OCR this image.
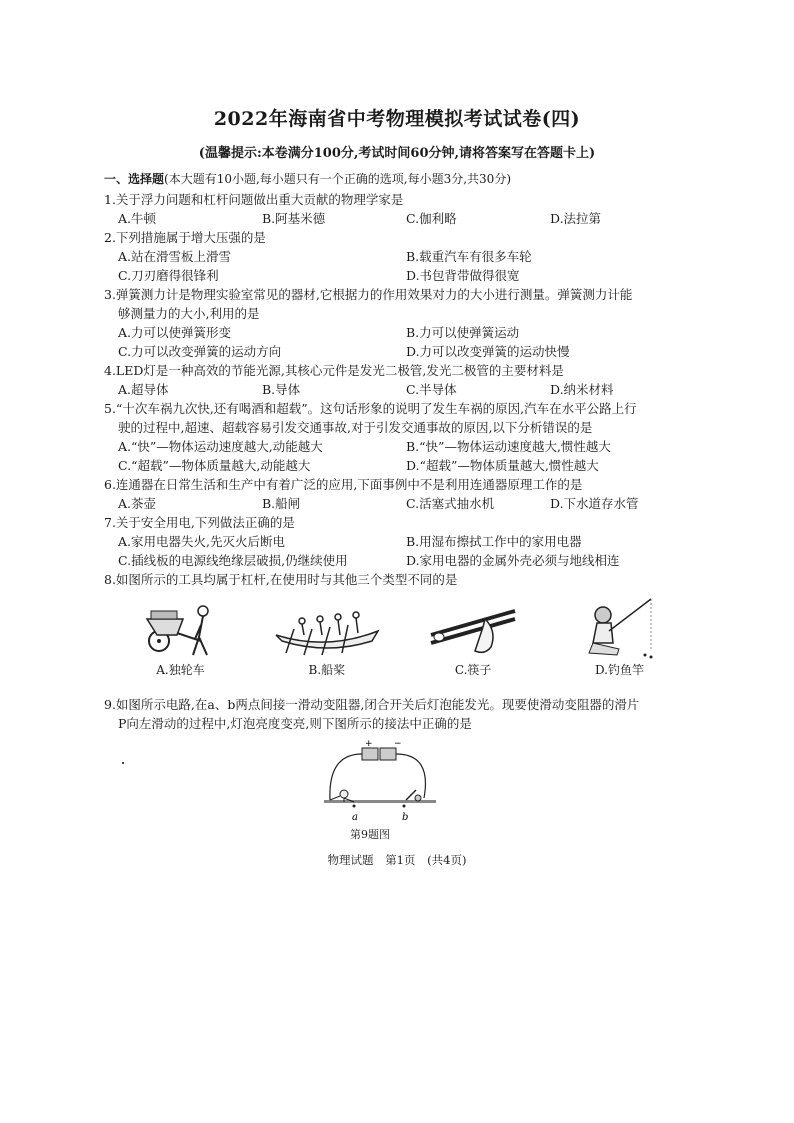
2022年海南省中考物理模拟考试试卷(四)
(温馨提示:本卷满分100分,考试时间60分钟,请将答案写在答题卡上)
一、选择题(本大题有10小题,每小题只有一个正确的选项,每小题3分,共30分)
1.关于浮力问题和杠杆问题做出重大贡献的物理学家是
A.牛顿	B.阿基米德	C.伽利略	D.法拉第
2.下列措施属于增大压强的是
A.站在滑雪板上滑雪	B.载重汽车有很多车轮
C.刀刃磨得很锋利	D.书包背带做得很宽
3.弹簧测力计是物理实验室常见的器材,它根据力的作用效果对力的大小进行测量。弹簧测力计能
够测量力的大小,利用的是
A.力可以使弹簧形变	B.力可以使弹簧运动
C.力可以改变弹簧的运动方向	D.力可以改变弹簧的运动快慢
4.LED灯是一种高效的节能光源,其核心元件是发光二极管,发光二极管的主要材料是
A.超导体	B.导体	C.半导体	D.纳米材料
5.“十次车祸九次快,还有喝酒和超载”。这句话形象的说明了发生车祸的原因,汽车在水平公路上行
驶的过程中,超速、超载容易引发交通事故,对于引发交通事故的原因,以下分析错误的是
A.“快”—物体运动速度越大,动能越大	B.“快”—物体运动速度越大,惯性越大
C.“超载”—物体质量越大,动能越大	D.“超载”—物体质量越大,惯性越大
6.连通器在日常生活和生产中有着广泛的应用,下面事例中不是利用连通器原理工作的是
A.茶壶	B.船闸	C.活塞式抽水机	D.下水道存水管
7.关于安全用电,下列做法正确的是
A.家用电器失火,先灭火后断电	B.用湿布擦拭工作中的家用电器
C.插线板的电源线绝缘层破损,仍继续使用	D.家用电器的金属外壳必须与地线相连
8.如图所示的工具均属于杠杆,在使用时与其他三个类型不同的是
A.独轮车	B.船桨	C.筷子	D.钓鱼竿
9.如图所示电路,在a、b两点间接一滑动变阻器,闭合开关后灯泡能发光。现要使滑动变阻器的滑片
P向左滑动的过程中,灯泡亮度变亮,则下图所示的接法中正确的是
+ −
a	b
第9题图
物理试题 第1页 (共4页)
